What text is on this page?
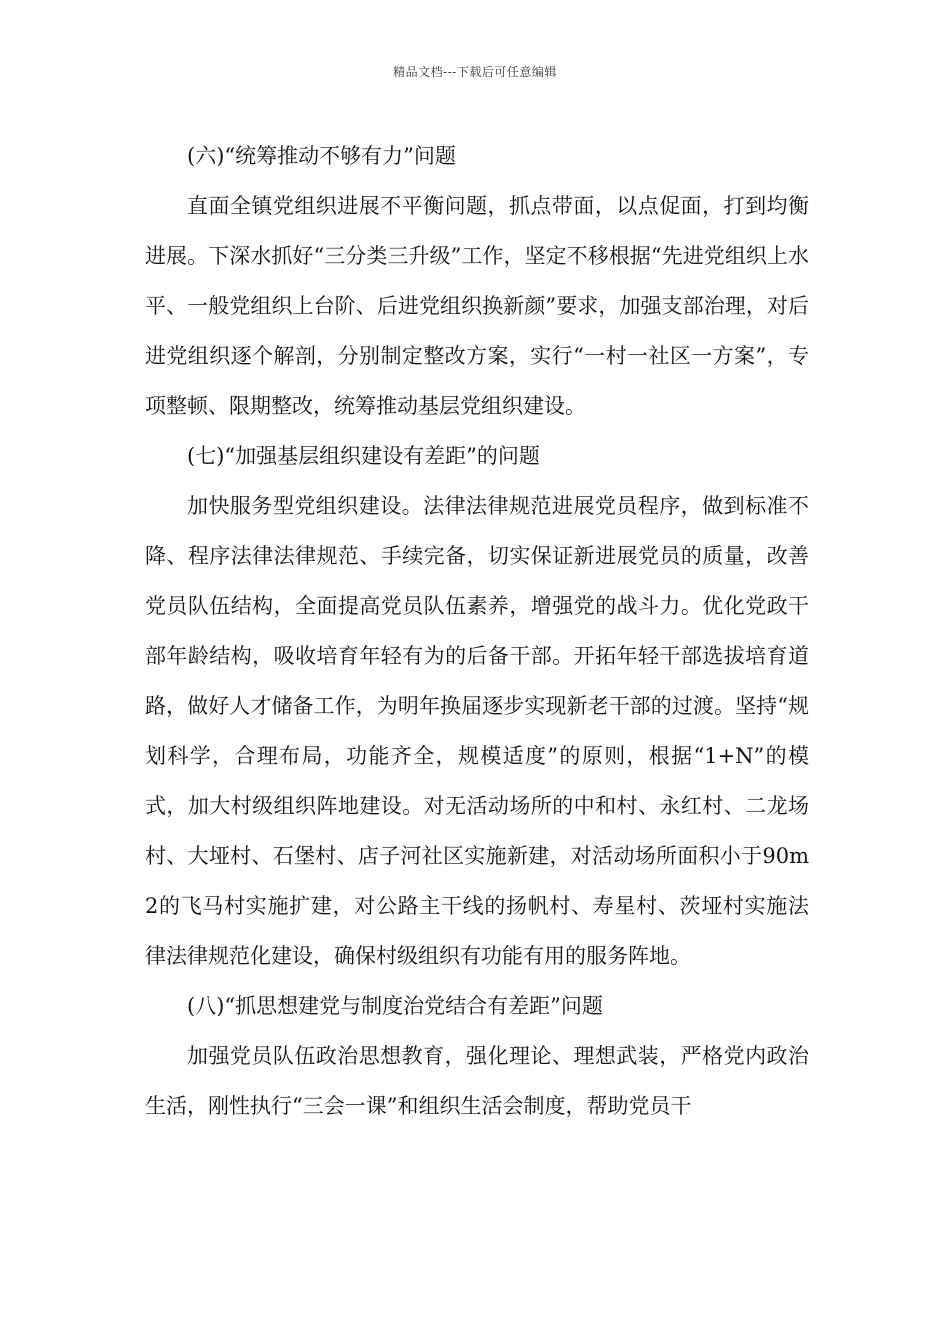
精品文档---下载后可任意编辑

(六)“统筹推动不够有力”问题

直面全镇党组织进展不平衡问题，抓点带面，以点促面，打到均衡进展。下深水抓好“三分类三升级”工作，坚定不移根据“先进党组织上水平、一般党组织上台阶、后进党组织换新颜”要求，加强支部治理，对后进党组织逐个解剖，分别制定整改方案，实行“一村一社区一方案”，专项整顿、限期整改，统筹推动基层党组织建设。

(七)“加强基层组织建设有差距”的问题

加快服务型党组织建设。法律法律规范进展党员程序，做到标准不降、程序法律法律规范、手续完备，切实保证新进展党员的质量，改善党员队伍结构，全面提高党员队伍素养，增强党的战斗力。优化党政干部年龄结构，吸收培育年轻有为的后备干部。开拓年轻干部选拔培育道路，做好人才储备工作，为明年换届逐步实现新老干部的过渡。坚持“规划科学，合理布局，功能齐全，规模适度”的原则，根据“1+N”的模式，加大村级组织阵地建设。对无活动场所的中和村、永红村、二龙场村、大垭村、石堡村、店子河社区实施新建，对活动场所面积小于90m2的飞马村实施扩建，对公路主干线的扬帆村、寿星村、茨垭村实施法律法律规范化建设，确保村级组织有功能有用的服务阵地。

(八)“抓思想建党与制度治党结合有差距”问题

加强党员队伍政治思想教育，强化理论、理想武装，严格党内政治生活，刚性执行“三会一课”和组织生活会制度，帮助党员干
